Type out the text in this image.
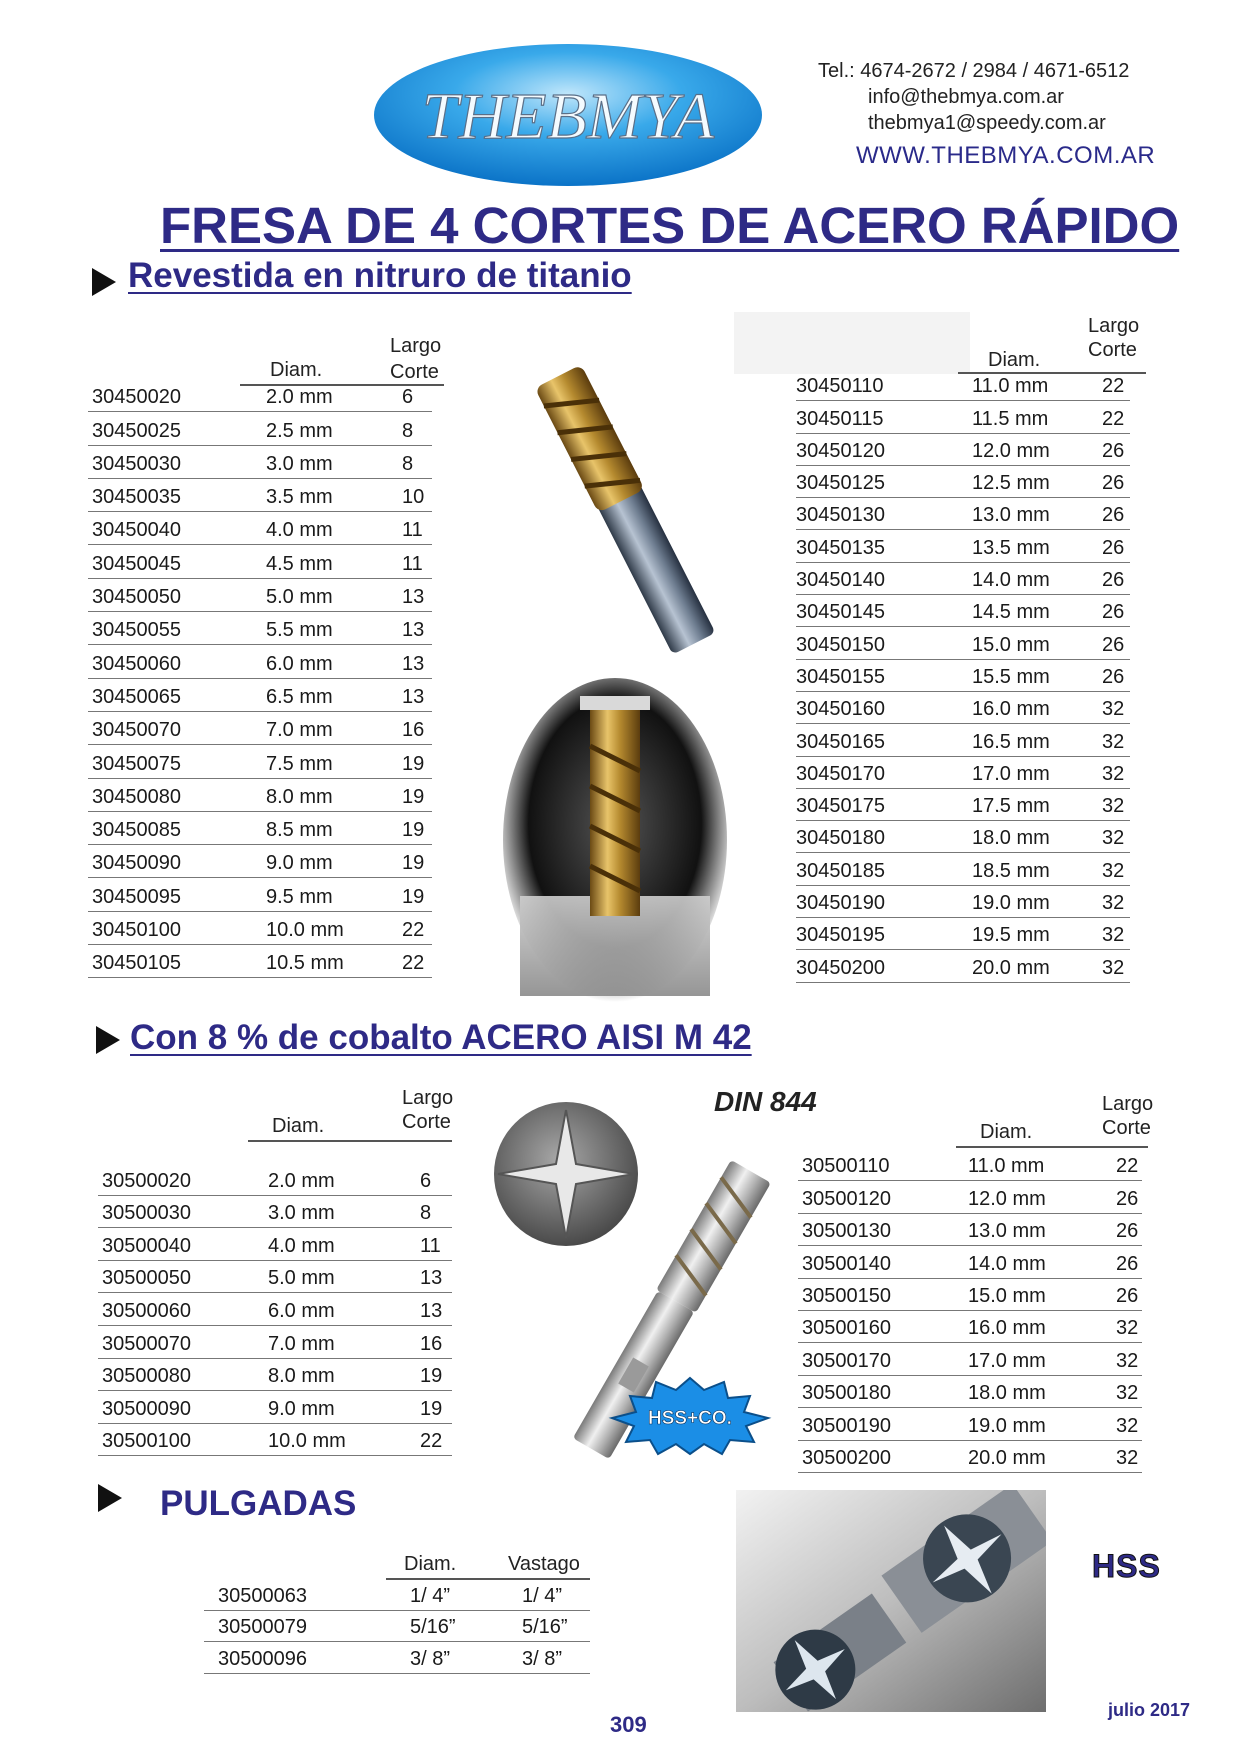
THEBMYA
Tel.: 4674-2672 / 2984 / 4671-6512
info@thebmya.com.ar
thebmya1@speedy.com.ar
WWW.THEBMYA.COM.AR
FRESA DE 4 CORTES DE ACERO RÁPIDO
Revestida en nitruro de titanio
Diam.
Largo
Corte
30450020	2.0 mm	6
30450025	2.5 mm	8
30450030	3.0 mm	8
30450035	3.5 mm	10
30450040	4.0 mm	11
30450045	4.5 mm	11
30450050	5.0 mm	13
30450055	5.5 mm	13
30450060	6.0 mm	13
30450065	6.5 mm	13
30450070	7.0 mm	16
30450075	7.5 mm	19
30450080	8.0 mm	19
30450085	8.5 mm	19
30450090	9.0 mm	19
30450095	9.5 mm	19
30450100	10.0 mm	22
30450105	10.5 mm	22
Diam.
Largo
Corte
30450110	11.0 mm	22
30450115	11.5 mm	22
30450120	12.0 mm	26
30450125	12.5 mm	26
30450130	13.0 mm	26
30450135	13.5 mm	26
30450140	14.0 mm	26
30450145	14.5 mm	26
30450150	15.0 mm	26
30450155	15.5 mm	26
30450160	16.0 mm	32
30450165	16.5 mm	32
30450170	17.0 mm	32
30450175	17.5 mm	32
30450180	18.0 mm	32
30450185	18.5 mm	32
30450190	19.0 mm	32
30450195	19.5 mm	32
30450200	20.0 mm	32
Con 8 % de cobalto ACERO AISI M 42
DIN 844
Diam.
Largo
Corte
30500020	2.0 mm	6
30500030	3.0 mm	8
30500040	4.0 mm	11
30500050	5.0 mm	13
30500060	6.0 mm	13
30500070	7.0 mm	16
30500080	8.0 mm	19
30500090	9.0 mm	19
30500100	10.0 mm	22
Diam.
Largo
Corte
30500110	11.0 mm	22
30500120	12.0 mm	26
30500130	13.0 mm	26
30500140	14.0 mm	26
30500150	15.0 mm	26
30500160	16.0 mm	32
30500170	17.0 mm	32
30500180	18.0 mm	32
30500190	19.0 mm	32
30500200	20.0 mm	32
HSS+CO.
PULGADAS
Diam.	Vastago
30500063	1/ 4”	1/ 4”
30500079	5/16”	5/16”
30500096	3/ 8”	3/ 8”
HSS
309
julio 2017
